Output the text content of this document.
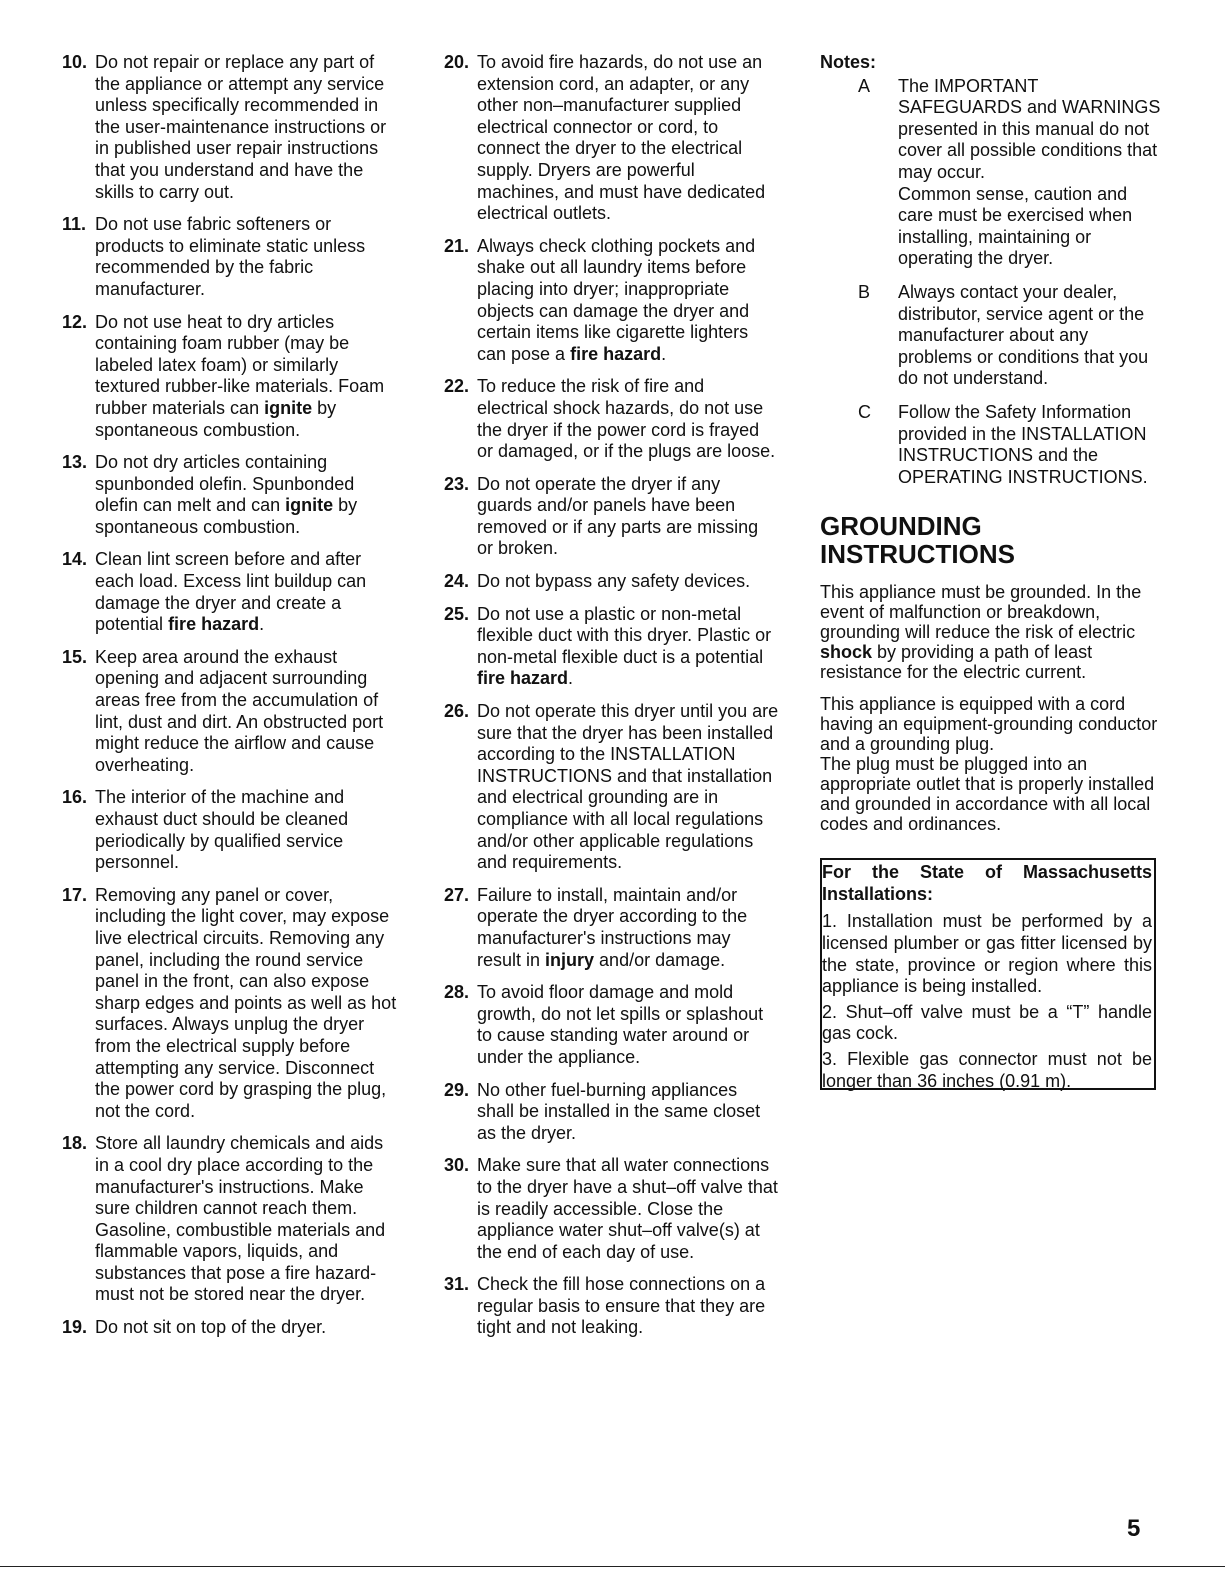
10. Do not repair or replace any part of the appliance or attempt any service unless specifically recommended in the user-maintenance instructions or in published user repair instructions that you understand and have the skills to carry out.
11. Do not use fabric softeners or products to eliminate static unless recommended by the fabric manufacturer.
12. Do not use heat to dry articles containing foam rubber (may be labeled latex foam) or similarly textured rubber-like materials. Foam rubber materials can ignite by spontaneous combustion.
13. Do not dry articles containing spunbonded olefin. Spunbonded olefin can melt and can ignite by spontaneous combustion.
14. Clean lint screen before and after each load. Excess lint buildup can damage the dryer and create a potential fire hazard.
15. Keep area around the exhaust opening and adjacent surrounding areas free from the accumulation of lint, dust and dirt. An obstructed port might reduce the airflow and cause overheating.
16. The interior of the machine and exhaust duct should be cleaned periodically by qualified service personnel.
17. Removing any panel or cover, including the light cover, may expose live electrical circuits. Removing any panel, including the round service panel in the front, can also expose sharp edges and points as well as hot surfaces. Always unplug the dryer from the electrical supply before attempting any service. Disconnect the power cord by grasping the plug, not the cord.
18. Store all laundry chemicals and aids in a cool dry place according to the manufacturer's instructions. Make sure children cannot reach them. Gasoline, combustible materials and flammable vapors, liquids, and substances that pose a fire hazard-must not be stored near the dryer.
19. Do not sit on top of the dryer.
20. To avoid fire hazards, do not use an extension cord, an adapter, or any other non–manufacturer supplied electrical connector or cord, to connect the dryer to the electrical supply. Dryers are powerful machines, and must have dedicated electrical outlets.
21. Always check clothing pockets and shake out all laundry items before placing into dryer; inappropriate objects can damage the dryer and certain items like cigarette lighters can pose a fire hazard.
22. To reduce the risk of fire and electrical shock hazards, do not use the dryer if the power cord is frayed or damaged, or if the plugs are loose.
23. Do not operate the dryer if any guards and/or panels have been removed or if any parts are missing or broken.
24. Do not bypass any safety devices.
25. Do not use a plastic or non-metal flexible duct with this dryer. Plastic or non-metal flexible duct is a potential fire hazard.
26. Do not operate this dryer until you are sure that the dryer has been installed according to the INSTALLATION INSTRUCTIONS and that installation and electrical grounding are in compliance with all local regulations and/or other applicable regulations and requirements.
27. Failure to install, maintain and/or operate the dryer according to the manufacturer's instructions may result in injury and/or damage.
28. To avoid floor damage and mold growth, do not let spills or splashout to cause standing water around or under the appliance.
29. No other fuel-burning appliances shall be installed in the same closet as the dryer.
30. Make sure that all water connections to the dryer have a shut–off valve that is readily accessible. Close the appliance water shut–off valve(s) at the end of each day of use.
31. Check the fill hose connections on a regular basis to ensure that they are tight and not leaking.
Notes:
A	The IMPORTANT SAFEGUARDS and WARNINGS presented in this manual do not cover all possible conditions that may occur.

Common sense, caution and care must be exercised when installing, maintaining or operating the dryer.

B	Always contact your dealer, distributor, service agent or the manufacturer about any problems or conditions that you do not understand.

C	Follow the Safety Information provided in the INSTALLATION INSTRUCTIONS and the OPERATING INSTRUCTIONS.

GROUNDING
INSTRUCTIONS
This appliance must be grounded. In the event of malfunction or breakdown, grounding will reduce the risk of electric shock by providing a path of least resistance for the electric current.

This appliance is equipped with a cord having an equipment-grounding conductor and a grounding plug.

The plug must be plugged into an appropriate outlet that is properly installed and grounded in accordance with all local codes and ordinances.

For the State of Massachusetts Installations:
1. Installation must be performed by a licensed plumber or gas fitter licensed by the state, province or region where this appliance is being installed.
2. Shut–off valve must be a “T” handle gas cock.
3. Flexible gas connector must not be longer than 36 inches (0.91 m).
5
